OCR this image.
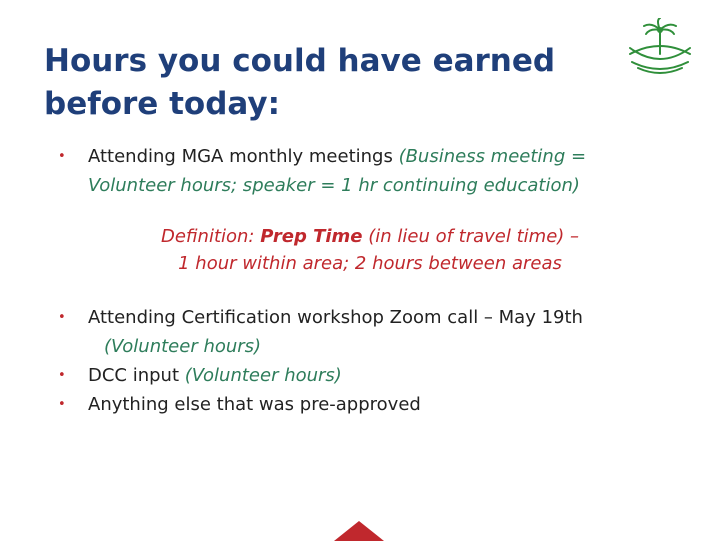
Hours you could have earned
before today:
• Attending MGA monthly meetings (Business meeting =
Volunteer hours; speaker = 1 hr continuing education)
Definition: Prep Time (in lieu of travel time) –
1 hour within area; 2 hours between areas
• Attending Certification workshop Zoom call – May 19th
(Volunteer hours)
• DCC input (Volunteer hours)
• Anything else that was pre-approved
